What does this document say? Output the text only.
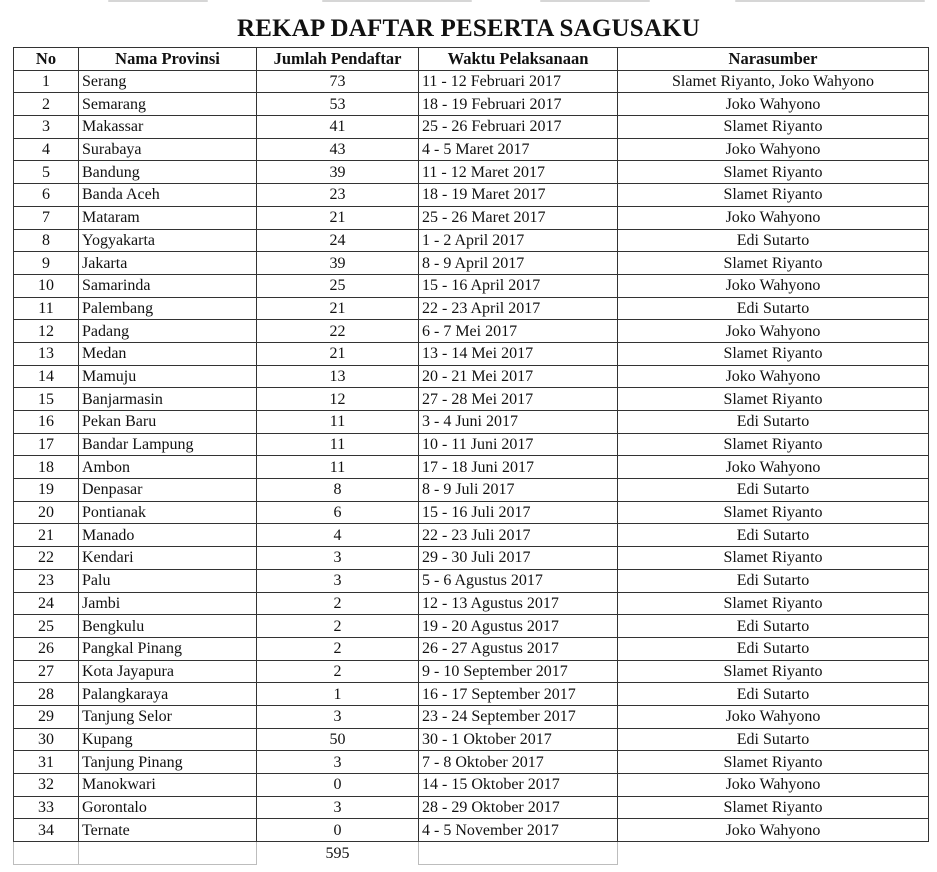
REKAP DAFTAR PESERTA SAGUSAKU
No	Nama Provinsi	Jumlah Pendaftar	Waktu Pelaksanaan	Narasumber
1	Serang	73	11 - 12 Februari 2017	Slamet Riyanto, Joko Wahyono
2	Semarang	53	18 - 19 Februari 2017	Joko Wahyono
3	Makassar	41	25 - 26 Februari 2017	Slamet Riyanto
4	Surabaya	43	4 - 5 Maret 2017	Joko Wahyono
5	Bandung	39	11 - 12 Maret 2017	Slamet Riyanto
6	Banda Aceh	23	18 - 19 Maret 2017	Slamet Riyanto
7	Mataram	21	25 - 26 Maret 2017	Joko Wahyono
8	Yogyakarta	24	1 - 2 April 2017	Edi Sutarto
9	Jakarta	39	8 - 9 April 2017	Slamet Riyanto
10	Samarinda	25	15 - 16 April 2017	Joko Wahyono
11	Palembang	21	22 - 23 April 2017	Edi Sutarto
12	Padang	22	6 - 7 Mei 2017	Joko Wahyono
13	Medan	21	13 - 14 Mei 2017	Slamet Riyanto
14	Mamuju	13	20 - 21 Mei 2017	Joko Wahyono
15	Banjarmasin	12	27 - 28 Mei 2017	Slamet Riyanto
16	Pekan Baru	11	3 - 4 Juni 2017	Edi Sutarto
17	Bandar Lampung	11	10 - 11 Juni 2017	Slamet Riyanto
18	Ambon	11	17 - 18 Juni 2017	Joko Wahyono
19	Denpasar	8	8 - 9 Juli 2017	Edi Sutarto
20	Pontianak	6	15 - 16 Juli 2017	Slamet Riyanto
21	Manado	4	22 - 23 Juli 2017	Edi Sutarto
22	Kendari	3	29 - 30 Juli 2017	Slamet Riyanto
23	Palu	3	5 - 6 Agustus 2017	Edi Sutarto
24	Jambi	2	12 - 13 Agustus 2017	Slamet Riyanto
25	Bengkulu	2	19 - 20 Agustus 2017	Edi Sutarto
26	Pangkal Pinang	2	26 - 27 Agustus 2017	Edi Sutarto
27	Kota Jayapura	2	9 - 10 September 2017	Slamet Riyanto
28	Palangkaraya	1	16 - 17 September 2017	Edi Sutarto
29	Tanjung Selor	3	23 - 24 September 2017	Joko Wahyono
30	Kupang	50	30 - 1 Oktober 2017	Edi Sutarto
31	Tanjung Pinang	3	7 - 8 Oktober 2017	Slamet Riyanto
32	Manokwari	0	14 - 15 Oktober 2017	Joko Wahyono
33	Gorontalo	3	28 - 29 Oktober 2017	Slamet Riyanto
34	Ternate	0	4 - 5 November 2017	Joko Wahyono
		595		
